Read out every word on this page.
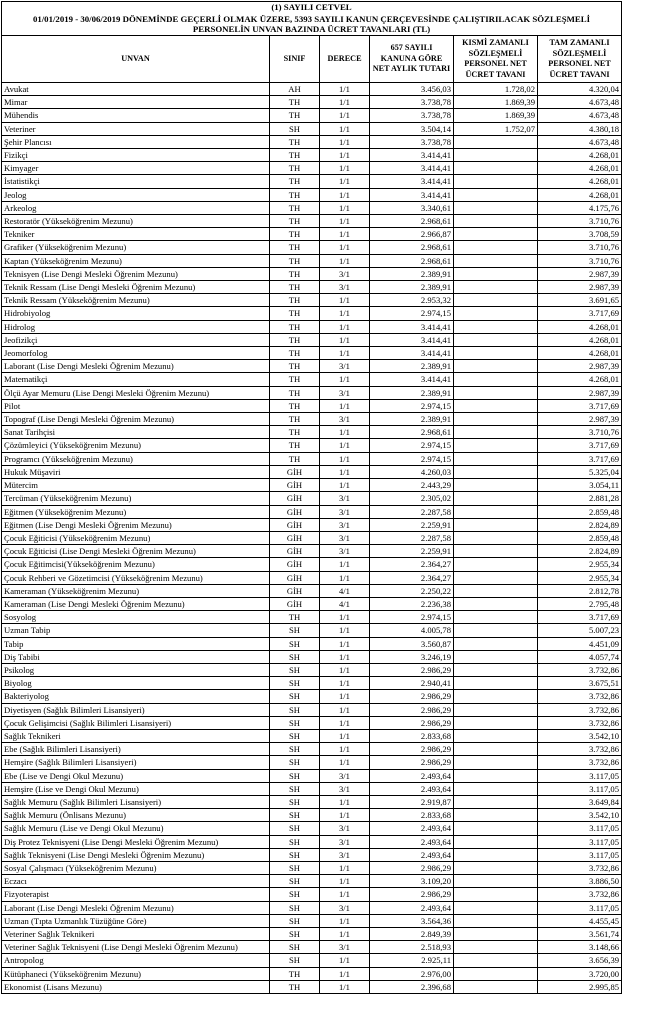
(1) SAYILI CETVEL					
01/01/2019 - 30/06/2019 DÖNEMİNDE GEÇERLİ OLMAK ÜZERE, 5393 SAYILI KANUN ÇERÇEVESİNDE ÇALIŞTIRILACAK SÖZLEŞMELİ PERSONELİN UNVAN BAZINDA ÜCRET TAVANLARI (TL)					
UNVAN	SINIF	DERECE	657 SAYILI KANUNA GÖRE NET AYLIK TUTARI	KISMİ ZAMANLI SÖZLEŞMELİ PERSONEL NET ÜCRET TAVANI	TAM ZAMANLI SÖZLEŞMELİ PERSONEL NET ÜCRET TAVANI
Avukat	AH	1/1	3.456,03	1.728,02	4.320,04
Mimar	TH	1/1	3.738,78	1.869,39	4.673,48
Mühendis	TH	1/1	3.738,78	1.869,39	4.673,48
Veteriner	SH	1/1	3.504,14	1.752,07	4.380,18
Şehir Plancısı	TH	1/1	3.738,78		4.673,48
Fizikçi	TH	1/1	3.414,41		4.268,01
Kimyager	TH	1/1	3.414,41		4.268,01
İstatistikçi	TH	1/1	3.414,41		4.268,01
Jeolog	TH	1/1	3.414,41		4.268,01
Arkeolog	TH	1/1	3.340,61		4.175,76
Restoratör (Yükseköğrenim Mezunu)	TH	1/1	2.968,61		3.710,76
Tekniker	TH	1/1	2.966,87		3.708,59
Grafiker (Yükseköğrenim Mezunu)	TH	1/1	2.968,61		3.710,76
Kaptan (Yükseköğrenim Mezunu)	TH	1/1	2.968,61		3.710,76
Teknisyen (Lise Dengi Mesleki Öğrenim Mezunu)	TH	3/1	2.389,91		2.987,39
Teknik Ressam (Lise Dengi Mesleki Öğrenim Mezunu)	TH	3/1	2.389,91		2.987,39
Teknik Ressam (Yükseköğrenim Mezunu)	TH	1/1	2.953,32		3.691,65
Hidrobiyolog	TH	1/1	2.974,15		3.717,69
Hidrolog	TH	1/1	3.414,41		4.268,01
Jeofizikçi	TH	1/1	3.414,41		4.268,01
Jeomorfolog	TH	1/1	3.414,41		4.268,01
Laborant (Lise Dengi Mesleki Öğrenim Mezunu)	TH	3/1	2.389,91		2.987,39
Matematikçi	TH	1/1	3.414,41		4.268,01
Ölçü Ayar Memuru (Lise Dengi Mesleki Öğrenim Mezunu)	TH	3/1	2.389,91		2.987,39
Pilot	TH	1/1	2.974,15		3.717,69
Topograf (Lise Dengi Mesleki Öğrenim Mezunu)	TH	3/1	2.389,91		2.987,39
Sanat Tarihçisi	TH	1/1	2.968,61		3.710,76
Çözümleyici (Yükseköğrenim Mezunu)	TH	1/1	2.974,15		3.717,69
Programcı (Yükseköğrenim Mezunu)	TH	1/1	2.974,15		3.717,69
Hukuk Müşaviri	GİH	1/1	4.260,03		5.325,04
Mütercim	GİH	1/1	2.443,29		3.054,11
Tercüman (Yükseköğrenim Mezunu)	GİH	3/1	2.305,02		2.881,28
Eğitmen (Yükseköğrenim Mezunu)	GİH	3/1	2.287,58		2.859,48
Eğitmen (Lise Dengi Mesleki Öğrenim Mezunu)	GİH	3/1	2.259,91		2.824,89
Çocuk Eğiticisi (Yükseköğrenim Mezunu)	GİH	3/1	2.287,58		2.859,48
Çocuk Eğiticisi (Lise Dengi Mesleki Öğrenim Mezunu)	GİH	3/1	2.259,91		2.824,89
Çocuk Eğitimcisi(Yükseköğrenim Mezunu)	GİH	1/1	2.364,27		2.955,34
Çocuk Rehberi ve Gözetimcisi (Yükseköğrenim Mezunu)	GİH	1/1	2.364,27		2.955,34
Kameraman (Yükseköğrenim Mezunu)	GİH	4/1	2.250,22		2.812,78
Kameraman (Lise Dengi Mesleki Öğrenim Mezunu)	GİH	4/1	2.236,38		2.795,48
Sosyolog	TH	1/1	2.974,15		3.717,69
Uzman Tabip	SH	1/1	4.005,78		5.007,23
Tabip	SH	1/1	3.560,87		4.451,09
Diş Tabibi	SH	1/1	3.246,19		4.057,74
Psikolog	SH	1/1	2.986,29		3.732,86
Biyolog	SH	1/1	2.940,41		3.675,51
Bakteriyolog	SH	1/1	2.986,29		3.732,86
Diyetisyen (Sağlık Bilimleri Lisansiyeri)	SH	1/1	2.986,29		3.732,86
Çocuk Gelişimcisi (Sağlık Bilimleri Lisansiyeri)	SH	1/1	2.986,29		3.732,86
Sağlık Teknikeri	SH	1/1	2.833,68		3.542,10
Ebe (Sağlık Bilimleri Lisansiyeri)	SH	1/1	2.986,29		3.732,86
Hemşire (Sağlık Bilimleri Lisansiyeri)	SH	1/1	2.986,29		3.732,86
Ebe (Lise ve Dengi Okul Mezunu)	SH	3/1	2.493,64		3.117,05
Hemşire (Lise ve Dengi Okul Mezunu)	SH	3/1	2.493,64		3.117,05
Sağlık Memuru (Sağlık Bilimleri Lisansiyeri)	SH	1/1	2.919,87		3.649,84
Sağlık Memuru (Önlisans Mezunu)	SH	1/1	2.833,68		3.542,10
Sağlık Memuru (Lise ve Dengi Okul Mezunu)	SH	3/1	2.493,64		3.117,05
Diş Protez Teknisyeni (Lise Dengi Mesleki Öğrenim Mezunu)	SH	3/1	2.493,64		3.117,05
Sağlık Teknisyeni (Lise Dengi Mesleki Öğrenim Mezunu)	SH	3/1	2.493,64		3.117,05
Sosyal Çalışmacı (Yükseköğrenim Mezunu)	SH	1/1	2.986,29		3.732,86
Eczacı	SH	1/1	3.109,20		3.886,50
Fizyoterapist	SH	1/1	2.986,29		3.732,86
Laborant (Lise Dengi Mesleki Öğrenim Mezunu)	SH	3/1	2.493,64		3.117,05
Uzman (Tıpta Uzmanlık Tüzüğüne Göre)	SH	1/1	3.564,36		4.455,45
Veteriner Sağlık Teknikeri	SH	1/1	2.849,39		3.561,74
Veteriner Sağlık Teknisyeni (Lise Dengi Mesleki Öğrenim Mezunu)	SH	3/1	2.518,93		3.148,66
Antropolog	SH	1/1	2.925,11		3.656,39
Kütüphaneci (Yükseköğrenim Mezunu)	TH	1/1	2.976,00		3.720,00
Ekonomist (Lisans Mezunu)	TH	1/1	2.396,68		2.995,85
